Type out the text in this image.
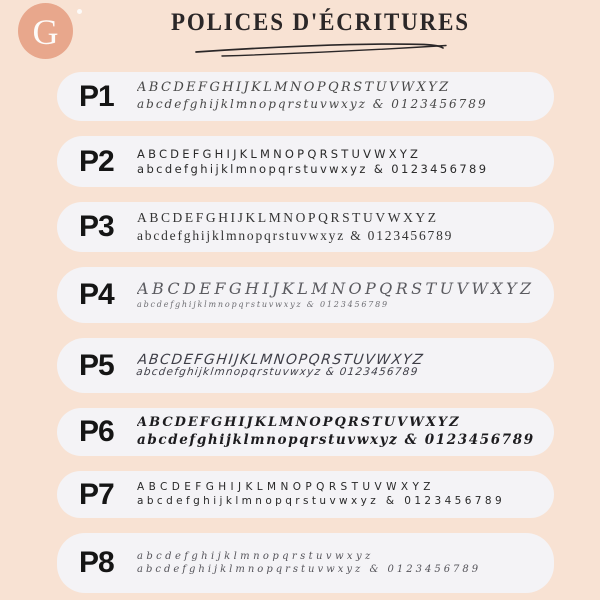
G	POLICES D'ÉCRITURES
P1	ABCDEFGHIJKLMNOPQRSTUVWXYZ
abcdefghijklmnopqrstuvwxyz & 0123456789
P2	ABCDEFGHIJKLMNOPQRSTUVWXYZ
abcdefghijklmnopqrstuvwxyz & 0123456789
P3	ABCDEFGHIJKLMNOPQRSTUVWXYZ
abcdefghijklmnopqrstuvwxyz & 0123456789
P4	ABCDEFGHIJKLMNOPQRSTUVWXYZ
abcdefghijklmnopqrstuvwxyz & 0123456789
P5	ABCDEFGHIJKLMNOPQRSTUVWXYZ
abcdefghijklmnopqrstuvwxyz & 0123456789
P6	ABCDEFGHIJKLMNOPQRSTUVWXYZ
abcdefghijklmnopqrstuvwxyz & 0123456789
P7	ABCDEFGHIJKLMNOPQRSTUVWXYZ
abcdefghijklmnopqrstuvwxyz & 0123456789
P8	abcdefghijklmnopqrstuvwxyz
abcdefghijklmnopqrstuvwxyz & 0123456789
